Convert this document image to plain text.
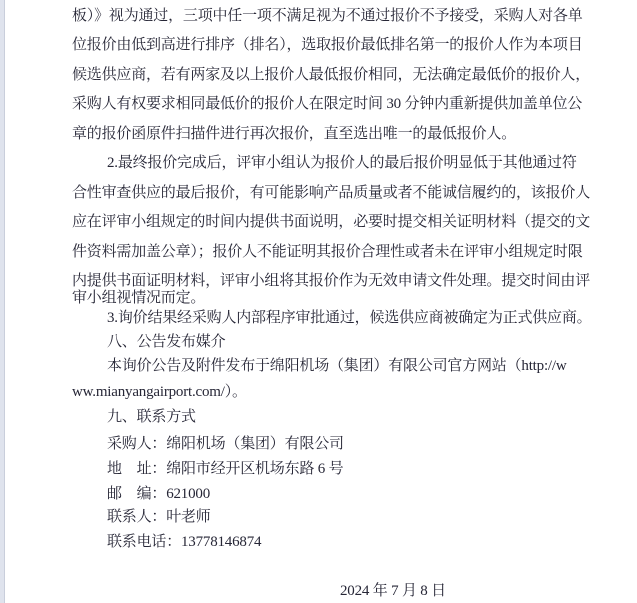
板）》视为通过，三项中任一项不满足视为不通过报价不予接受，采购人对各单
位报价由低到高进行排序（排名），选取报价最低排名第一的报价人作为本项目
候选供应商，若有两家及以上报价人最低报价相同，无法确定最低价的报价人，
采购人有权要求相同最低价的报价人在限定时间 30 分钟内重新提供加盖单位公
章的报价函原件扫描件进行再次报价，直至选出唯一的最低报价人。
2.最终报价完成后，评审小组认为报价人的最后报价明显低于其他通过符
合性审查供应的最后报价，有可能影响产品质量或者不能诚信履约的，该报价人
应在评审小组规定的时间内提供书面说明，必要时提交相关证明材料（提交的文
件资料需加盖公章）；报价人不能证明其报价合理性或者未在评审小组规定时限
内提供书面证明材料，评审小组将其报价作为无效申请文件处理。提交时间由评
审小组视情况而定。
3.询价结果经采购人内部程序审批通过，候选供应商被确定为正式供应商。
八、公告发布媒介
本询价公告及附件发布于绵阳机场（集团）有限公司官方网站（http://w
ww.mianyangairport.com/）。
九、联系方式
采购人：绵阳机场（集团）有限公司
地　址：绵阳市经开区机场东路 6 号
邮　编：621000
联系人：叶老师
联系电话：13778146874
2024 年 7 月 8 日
